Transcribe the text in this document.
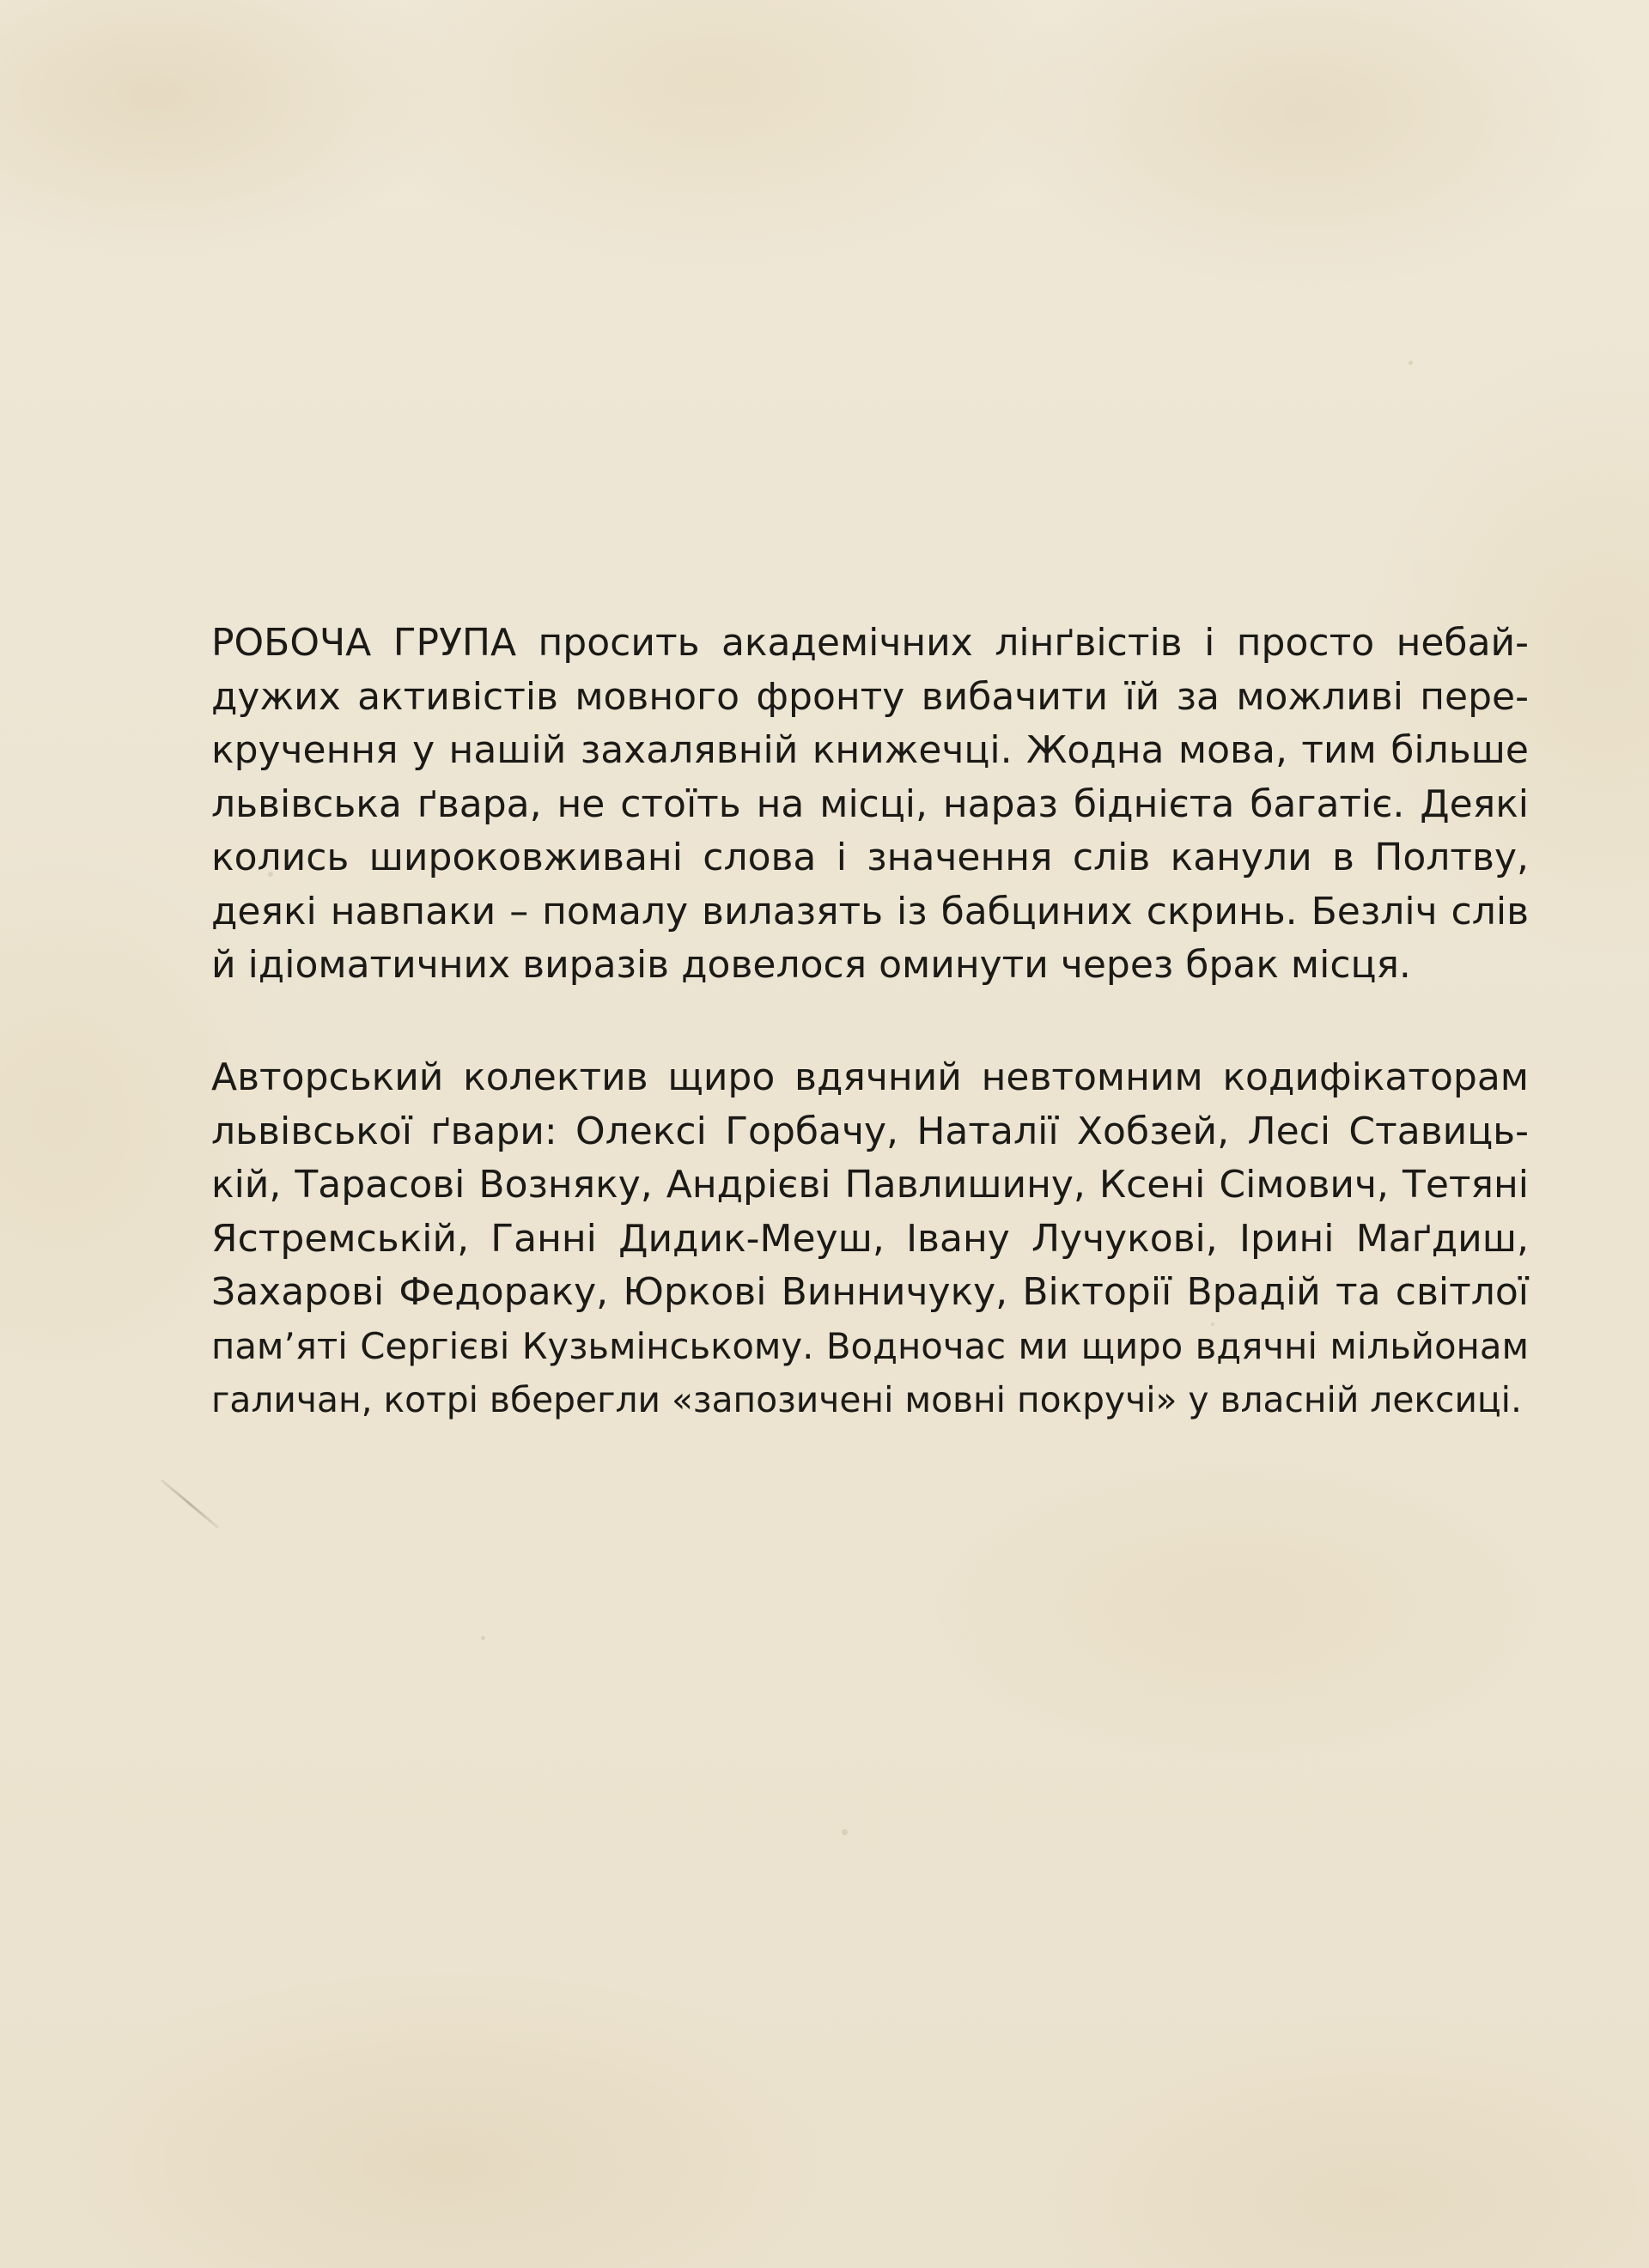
РОБОЧА ГРУПА просить академічних лінґвістів і просто небай-
дужих активістів мовного фронту вибачити їй за можливі пере-
кручення у нашій захалявній книжечці. Жодна мова, тим більше
львівська ґвара, не стоїть на місці, нараз біднієта багатіє. Деякі
колись широковживані слова і значення слів канули в Полтву,
деякі навпаки – помалу вилазять із бабциних скринь. Безліч слів
й ідіоматичних виразів довелося оминути через брак місця.
Авторський колектив щиро вдячний невтомним кодифікаторам
львівської ґвари: Олексі Горбачу, Наталії Хобзей, Лесі Ставиць-
кій, Тарасові Возняку, Андрієві Павлишину, Ксені Сімович, Тетяні
Ястремській, Ганні Дидик-Меуш, Івану Лучукові, Ірині Маґдиш,
Захарові Федораку, Юркові Винничуку, Вікторії Врадій та світлої
пам’яті Сергієві Кузьмінському. Водночас ми щиро вдячні мільйонам
галичан, котрі вберегли «запозичені мовні покручі» у власній лексиці.
